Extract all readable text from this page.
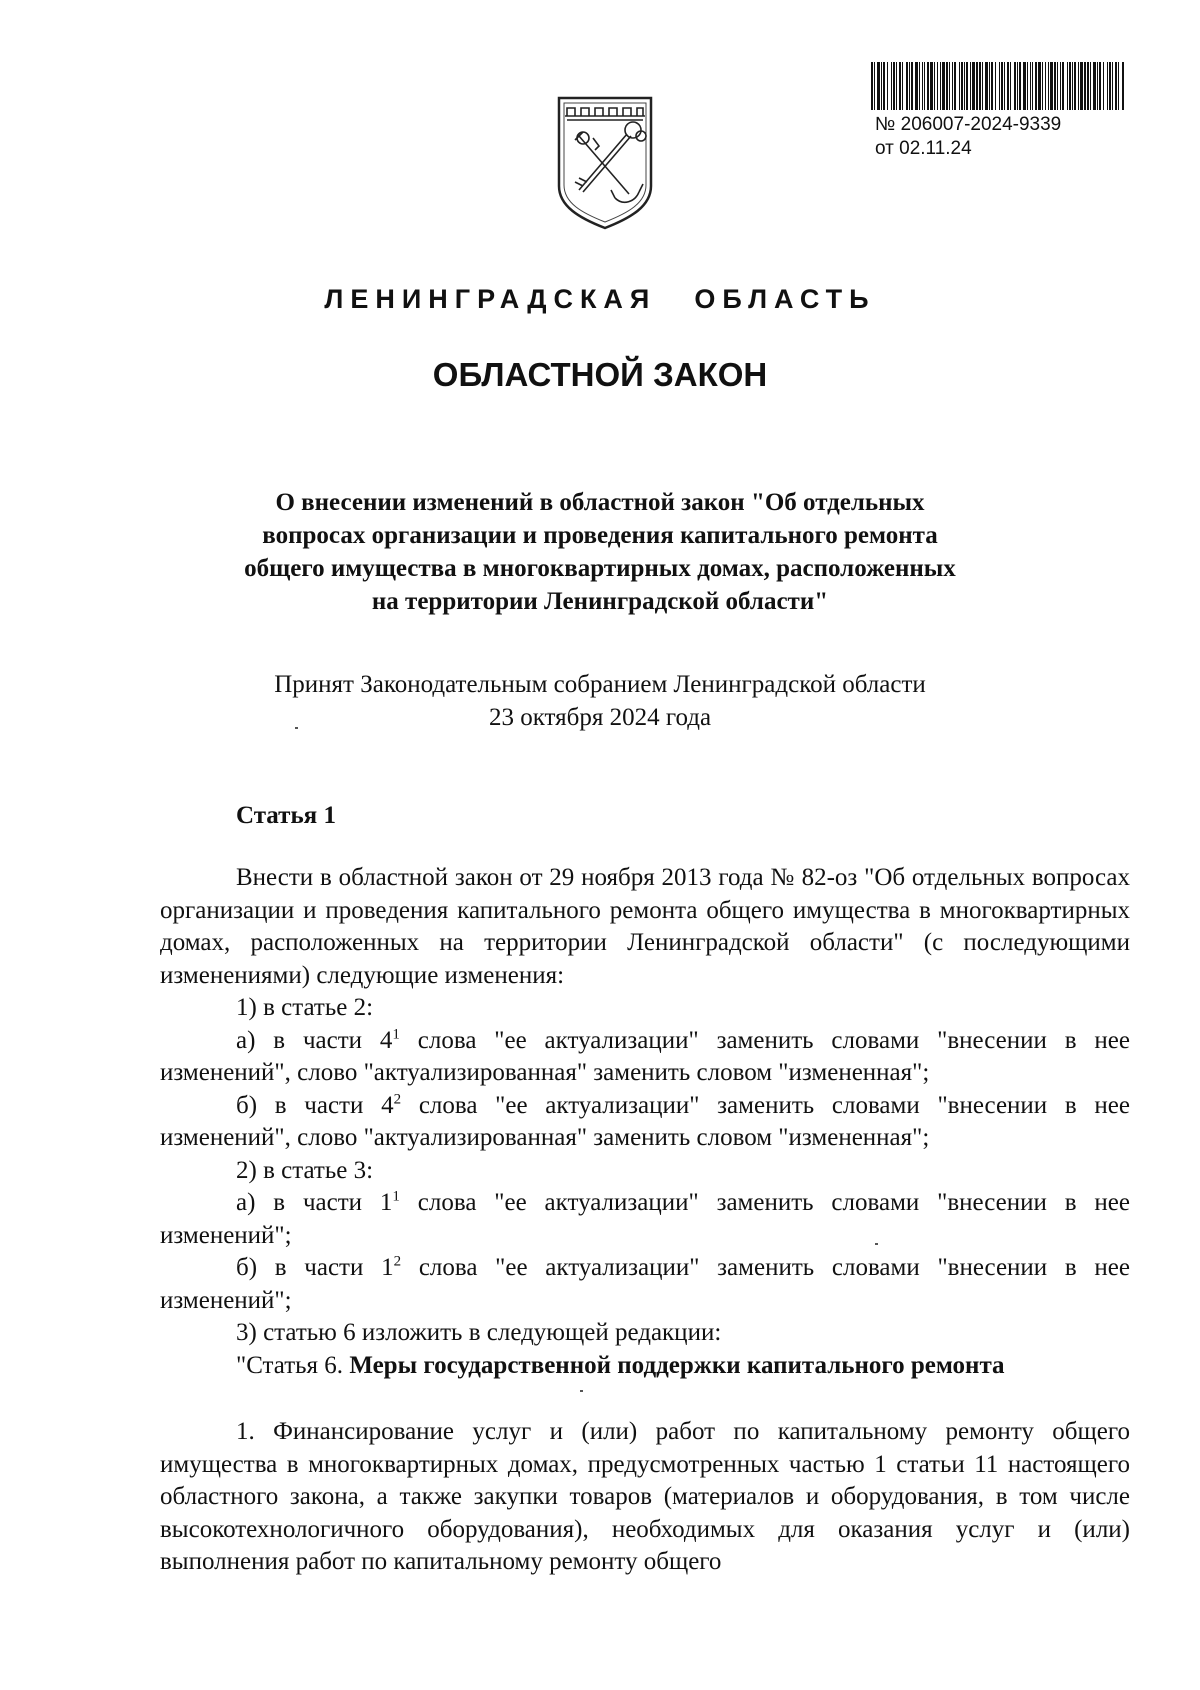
№ 206007-2024-9339
от 02.11.24
ЛЕНИНГРАДСКАЯ ОБЛАСТЬ
ОБЛАСТНОЙ ЗАКОН
О внесении изменений в областной закон "Об отдельных
вопросах организации и проведения капитального ремонта
общего имущества в многоквартирных домах, расположенных
на территории Ленинградской области"
Принят Законодательным собранием Ленинградской области
23 октября 2024 года
Статья 1

Внести в областной закон от 29 ноября 2013 года № 82-оз "Об отдельных вопросах организации и проведения капитального ремонта общего имущества в многоквартирных домах, расположенных на территории Ленинградской области" (с последующими изменениями) следующие изменения:

1) в статье 2:

а) в части $4^1$ слова "ее актуализации" заменить словами "внесении в нее изменений", слово "актуализированная" заменить словом "измененная";

б) в части $4^2$ слова "ее актуализации" заменить словами "внесении в нее изменений", слово "актуализированная" заменить словом "измененная";

2) в статье 3:

а) в части $1^1$ слова "ее актуализации" заменить словами "внесении в нее изменений";

б) в части $1^2$ слова "ее актуализации" заменить словами "внесении в нее изменений";

3) статью 6 изложить в следующей редакции:

"Статья 6. Меры государственной поддержки капитального ремонта

1. Финансирование услуг и (или) работ по капитальному ремонту общего имущества в многоквартирных домах, предусмотренных частью 1 статьи 11 настоящего областного закона, а также закупки товаров (материалов и оборудования, в том числе высокотехнологичного оборудования), необходимых для оказания услуг и (или) выполнения работ по капитальному ремонту общего
